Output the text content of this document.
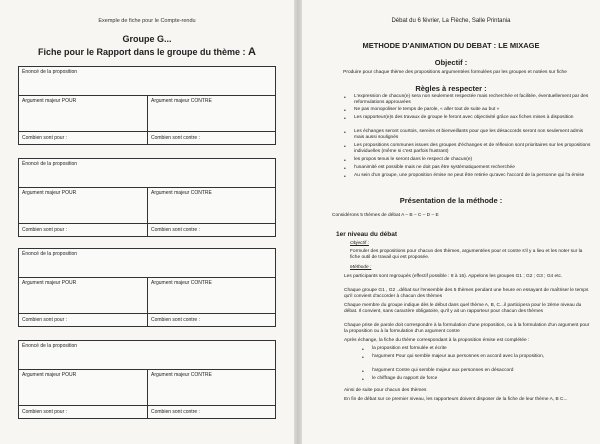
Exemple de fiche pour le Compte-rendu
Groupe G...
Fiche pour le Rapport dans le groupe du thème : A
Énoncé de la proposition
Argument majeur POUR	Argument majeur CONTRE
Combien sont pour :	Combien sont contre :
Énoncé de la proposition
Argument majeur POUR	Argument majeur CONTRE
Combien sont pour :	Combien sont contre :
Énoncé de la proposition
Argument majeur POUR	Argument majeur CONTRE
Combien sont pour :	Combien sont contre :
Énoncé de la proposition
Argument majeur POUR	Argument majeur CONTRE
Combien sont pour :	Combien sont contre :
Débat du 6 février, La Flèche, Salle Printania
METHODE D'ANIMATION DU DEBAT : LE MIXAGE
Objectif :
Produire pour chaque thème des propositions argumentées formulées par les groupes et notées sur fiche
Règles à respecter :
• L'expression de chacun(e) sera non seulement respectée mais recherchée et facilitée, éventuellement par des reformulations approuvées
• Ne pas monopoliser le temps de parole, « aller tout de suite au but »
• Les rapporteur(e)s des travaux de groupe le feront avec objectivité grâce aux fiches mises à disposition
• Les échanges seront courtois, sereins et bienveillants pour que les désaccords seront non seulement admis mais aussi soulignés
• Les propositions communes issues des groupes d'échanges et de réflexion sont prioritaires sur les propositions individuelles (même si c'est parfois frustrant)
• les propos tenus le seront dans le respect de chacun(e)
• l'unanimité est possible mais ne doit pas être systématiquement recherchée
• Au sein d'un groupe, une proposition émise ne peut être retirée qu'avec l'accord de la personne qui l'a émise
Présentation de la méthode :
Considérons 5 thèmes de débat A – B – C – D – E
1er niveau du débat
Objectif :
Formuler des propositions pour chacun des thèmes, argumentées pour et contre s'il y a lieu et les noter sur la fiche outil de travail qui est proposée.
Méthode :
Les participants sont regroupés (effectif possible : 8 à 16). Appelons les groupes G1 ; G2 ; G3 ; G4 etc.
Chaque groupe G1 , G2 ..débat sur l'ensemble des 5 thèmes pendant une heure en essayant de maîtriser le temps qu'il convient d'accorder à chacun des thèmes
Chaque membre du groupe indique dès le début dans quel thème A, B, C...il participera pour le 2ème niveau du débat. Il convient, sans caractère obligatoire, qu'il y ait un rapporteur pour chacun des thèmes
Chaque prise de parole doit correspondre à la formulation d'une proposition, ou à la formulation d'un argument pour la proposition ou à la formulation d'un argument contre
Après échange, la fiche du thème correspondant à la proposition émise est complétée :
• la proposition est formulée et écrite
• l'argument Pour qui semble majeur aux personnes en accord avec la proposition,
• l'argument Contre qui semble majeur aux personnes en désaccord
• le chiffrage du rapport de force
Ainsi de suite pour chacun des thèmes
En fin de débat sur ce premier niveau, les rapporteurs doivent disposer de la fiche de leur thème A, B C...
